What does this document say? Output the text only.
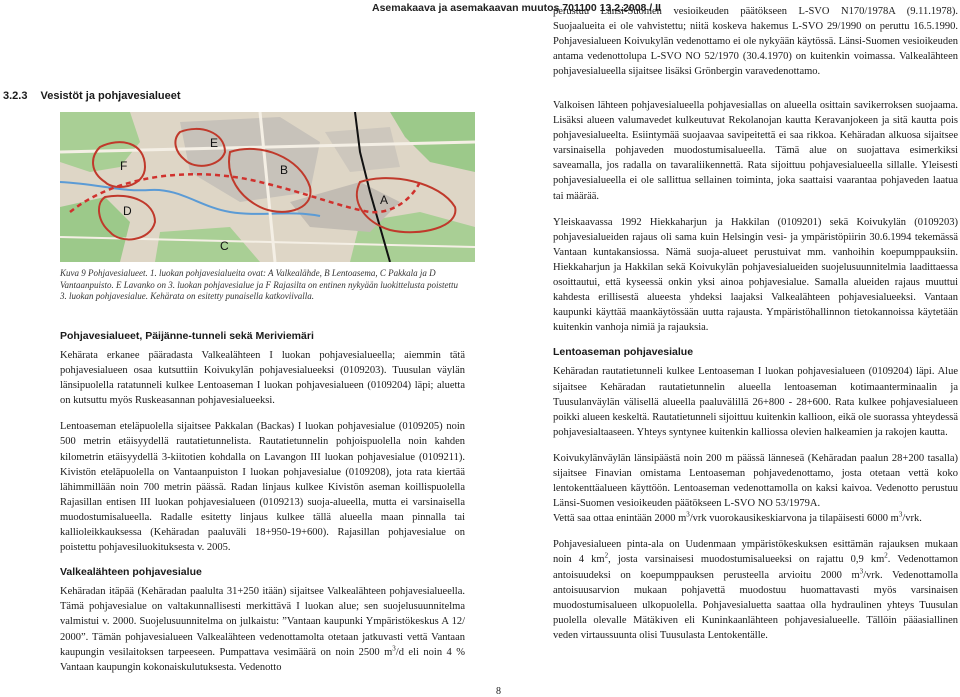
Asemakaava ja asemakaavan muutos 701100 13.2.2008 / II
3.2.3 Vesistöt ja pohjavesialueet
A
B
C
D
E
F
Kuva 9 Pohjavesialueet. 1. luokan pohjavesialueita ovat: A Valkealähde, B Lentoasema, C Pakkala ja D Vantaanpuisto. E Lavanko on 3. luokan pohjavesialue ja F Rajasilta on entinen nykyään luokittelusta poistettu 3. luokan pohjavesialue. Kehärata on esitetty punaisella katkoviivalla.
Pohjavesialueet, Päijänne-tunneli sekä Meriviemäri

Kehärata erkanee pääradasta Valkealähteen I luokan pohjavesialueella; aiemmin tätä pohjavesialueen osaa kutsuttiin Koivukylän pohjavesialueeksi (0109203). Tuusulan väylän länsipuolella ratatunneli kulkee Lentoaseman I luokan pohjavesialueen (0109204) läpi; aluetta on kutsuttu myös Ruskeasannan pohjavesialueeksi.

Lentoaseman eteläpuolella sijaitsee Pakkalan (Backas) I luokan pohjavesialue (0109205) noin 500 metrin etäisyydellä rautatietunnelista. Rautatietunnelin pohjoispuolella noin kahden kilometrin etäisyydellä 3-kiitotien kohdalla on Lavangon III luokan pohjavesialue (0109211). Kivistön eteläpuolella on Vantaanpuiston I luokan pohjavesialue (0109208), jota rata kiertää lähimmillään noin 700 metrin päässä. Radan linjaus kulkee Kivistön aseman koillispuolella Rajasillan entisen III luokan pohjavesialueen (0109213) suoja-alueella, mutta ei varsinaisella muodostumisalueella. Radalle esitetty linjaus kulkee tällä alueella maan pinnalla tai kallioleikkauksessa (Kehäradan paaluväli 18+950-19+600). Rajasillan pohjavesialue on poistettu pohjavesiluokituksesta v. 2005.

Valkealähteen pohjavesialue

Kehäradan itäpää (Kehäradan paalulta 31+250 itään) sijaitsee Valkealähteen pohjavesialueella. Tämä pohjavesialue on valtakunnallisesti merkittävä I luokan alue; sen suojelusuunnitelma valmistui v. 2000. Suojelusuunnitelma on julkaistu: ”Vantaan kaupunki Ympäristökeskus A 12/ 2000”. Tämän pohjavesialueen Valkealähteen vedenottamolta otetaan jatkuvasti vettä Vantaan kaupungin vesilaitoksen tarpeeseen. Pumpattava vesimäärä on noin 2500 $m^3/d$ eli noin 4 % Vantaan kaupungin kokonaiskulutuksesta. Vedenotto

perustuu Länsi-Suomen vesioikeuden päätökseen L-SVO N170/1978A (9.11.1978). Suojaalueita ei ole vahvistettu; niitä koskeva hakemus L-SVO 29/1990 on peruttu 16.5.1990. Pohjavesialueen Koivukylän vedenottamo ei ole nykyään käytössä. Länsi-Suomen vesioikeuden antama vedenottolupa L-SVO NO 52/1970 (30.4.1970) on kuitenkin voimassa. Valkealähteen pohjavesialueella sijaitsee lisäksi Grönbergin varavedenottamo.

Valkoisen lähteen pohjavesialueella pohjavesiallas on alueella osittain savikerroksen suojaama. Lisäksi alueen valumavedet kulkeutuvat Rekolanojan kautta Keravanjokeen ja sitä kautta pois pohjavesialueelta. Esiintymää suojaavaa savipeitettä ei saa rikkoa. Kehäradan alkuosa sijaitsee varsinaisella pohjaveden muodostumisalueella. Tämä alue on suojattava esimerkiksi saveamalla, jos radalla on tavaraliikennettä. Rata sijoittuu pohjavesialueella sillalle. Yleisesti pohjavesialueella ei ole sallittua sellainen toiminta, joka saattaisi vaarantaa pohjaveden laatua tai määrää.

Yleiskaavassa 1992 Hiekkaharjun ja Hakkilan (0109201) sekä Koivukylän (0109203) pohjavesialueiden rajaus oli sama kuin Helsingin vesi- ja ympäristöpiirin 30.6.1994 tekemässä Vantaan kuntakansiossa. Nämä suoja-alueet perustuivat mm. vanhoihin koepumppauksiin. Hiekkaharjun ja Hakkilan sekä Koivukylän pohjavesialueiden suojelusuunnitelmia laadittaessa osoittautui, että kyseessä onkin yksi ainoa pohjavesialue. Samalla alueiden rajaus muuttui kahdesta erillisestä alueesta yhdeksi laajaksi Valkealähteen pohjavesialueeksi. Vantaan kaupunki käyttää maankäytössään uutta rajausta. Ympäristöhallinnon tietokannoissa käytetään kuitenkin vanhoja nimiä ja rajauksia.

Lentoaseman pohjavesialue

Kehäradan rautatietunneli kulkee Lentoaseman I luokan pohjavesialueen (0109204) läpi. Alue sijaitsee Kehäradan rautatietunnelin alueella lentoaseman kotimaanterminaalin ja Tuusulanväylän välisellä alueella paaluvälillä 26+800 - 28+600. Rata kulkee pohjavesialueen poikki alueen keskeltä. Rautatietunneli sijoittuu kuitenkin kallioon, eikä ole suorassa yhteydessä pohjavesialtaaseen. Yhteys syntynee kuitenkin kalliossa olevien halkeamien ja rakojen kautta.

Koivukylänväylän länsipäästä noin 200 m päässä länneseä (Kehäradan paalun 28+200 tasalla) sijaitsee Finavian omistama Lentoaseman pohjavedenottamo, josta otetaan vettä koko lentokenttäalueen käyttöön. Lentoaseman vedenottamolla on kaksi kaivoa. Vedenotto perustuu Länsi-Suomen vesioikeuden päätökseen L-SVO NO 53/1979A.
Vettä saa ottaa enintään 2000 $m^3$/vrk vuorokausikeskiarvona ja tilapäisesti 6000 $m^3$/vrk.

Pohjavesialueen pinta-ala on Uudenmaan ympäristökeskuksen esittämän rajauksen mukaan noin 4 $km^2$, josta varsinaisesi muodostumisalueeksi on rajattu 0,9 $km^2$. Vedenottamon antoisuudeksi on koepumppauksen perusteella arvioitu 2000 $m^3$/vrk. Vedenottamolla antoisuusarvion mukaan pohjavettä muodostuu huomattavasti myös varsinaisen muodostumisalueen ulkopuolella. Pohjavesialuetta saattaa olla hydraulinen yhteys Tuusulan puolella olevalle Mätäkiven eli Kuninkaanlähteen pohjavesialueelle. Tällöin pääasiallinen veden virtaussuunta olisi Tuusulasta Lentokentälle.

8
